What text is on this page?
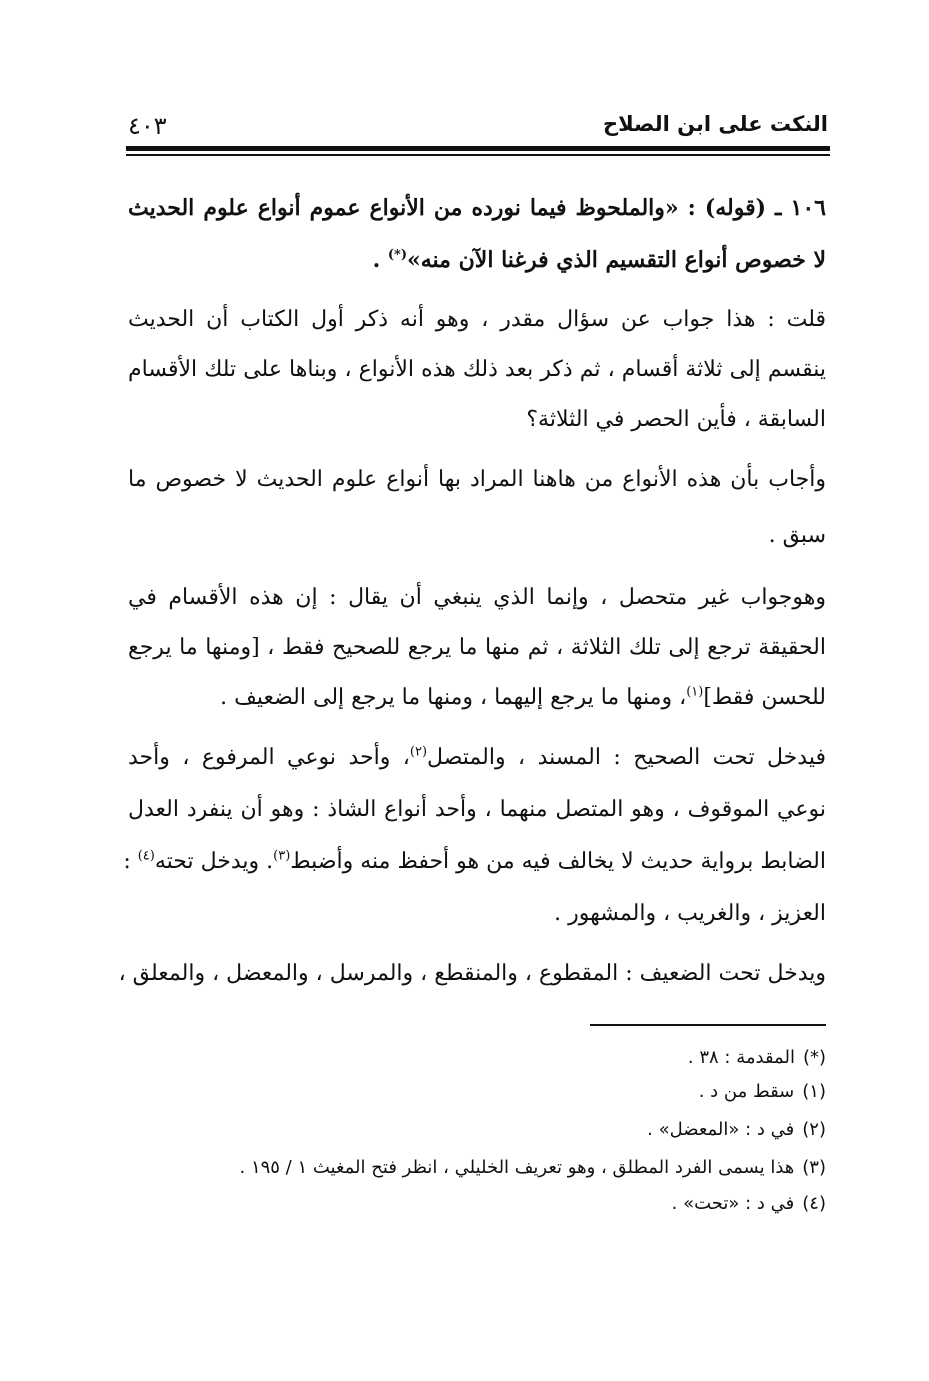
النكت على ابن الصلاح
٤٠٣
١٠٦ ـ (قوله) : «والملحوظ فيما نورده من الأنواع عموم أنواع علوم الحديث
لا خصوص أنواع التقسيم الذي فرغنا الآن منه»(*) .
قلت : هذا جواب عن سؤال مقدر ، وهو أنه ذكر أول الكتاب أن الحديث
ينقسم إلى ثلاثة أقسام ، ثم ذكر بعد ذلك هذه الأنواع ، وبناها على تلك الأقسام
السابقة ، فأين الحصر في الثلاثة؟
وأجاب بأن هذه الأنواع من هاهنا المراد بها أنواع علوم الحديث لا خصوص ما
سبق .
وهوجواب غير متحصل ، وإنما الذي ينبغي أن يقال : إن هذه الأقسام في
الحقيقة ترجع إلى تلك الثلاثة ، ثم منها ما يرجع للصحيح فقط ، [ومنها ما يرجع
للحسن فقط]$^{(١)}$، ومنها ما يرجع إليهما ، ومنها ما يرجع إلى الضعيف .
فيدخل تحت الصحيح : المسند ، والمتصل$^{(٢)}$، وأحد نوعي المرفوع ، وأحد
نوعي الموقوف ، وهو المتصل منهما ، وأحد أنواع الشاذ : وهو أن ينفرد العدل
الضابط برواية حديث لا يخالف فيه من هو أحفظ منه وأضبط$^{(٣)}$. ويدخل تحته$^{(٤)}$ :
العزيز ، والغريب ، والمشهور .
ويدخل تحت الضعيف : المقطوع ، والمنقطع ، والمرسل ، والمعضل ، والمعلق ،
(*)المقدمة : ٣٨ .
(١)سقط من د .
(٢)في د : «المعضل» .
(٣)هذا يسمى الفرد المطلق ، وهو تعريف الخليلي ، انظر فتح المغيث ١ / ١٩٥ .
(٤)في د : «تحت» .
